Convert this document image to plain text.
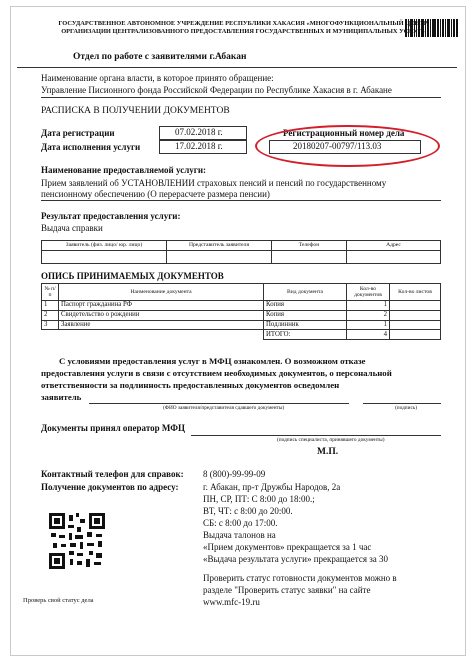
ГОСУДАРСТВЕННОЕ АВТОНОМНОЕ УЧРЕЖДЕНИЕ РЕСПУБЛИКИ ХАКАСИЯ «МНОГОФУНКЦИОНАЛЬНЫЙ ЦЕНТР
ОРГАНИЗАЦИИ ЦЕНТРАЛИЗОВАННОГО ПРЕДОСТАВЛЕНИЯ ГОСУДАРСТВЕННЫХ И МУНИЦИПАЛЬНЫХ УСЛУГ»
Отдел по работе с заявителями г.Абакан
Наименование органа власти, в которое принято обращение:
Управление Писионного фонда Российской Федерации по Республике Хакасия в г. Абакане
РАСПИСКА В ПОЛУЧЕНИИ ДОКУМЕНТОВ
Дата регистрации	07.02.2018 г.
Дата исполнения услуги	17.02.2018 г.
Регистрационный номер дела
20180207-00797/113.03
Наименование предоставляемой услуги:
Прием заявлений об УСТАНОВЛЕНИИ страховых пенсий и пенсий по государственному
пенсионному обеспечению (О перерасчете размера пенсии)
Результат предоставления услуги:
Выдача справки
Заявитель (физ. лицо/ юр. лицо)	Представитель заявителя	Телефон	Адрес

ОПИСЬ ПРИНИМАЕМЫХ ДОКУМЕНТОВ
№ п/п	Наименование документа	Вид документа	Кол-во документов	Кол-во листов
1	Паспорт гражданина РФ	Копия	1	
2	Свидетельство о рождении	Копия	2	
3	Заявление	Подлинник	1	
		ИТОГО:	4	
С условиями предоставления услуг в МФЦ ознакомлен. О возможном отказе
предоставления услуги в связи с отсутствием необходимых документов, о персональной
ответственности за подлинность предоставленных документов осведомлен
заявитель
(ФИО заявителя/представителя сдавшего документы)	(подпись)
Документы принял оператор МФЦ
(подпись специалиста, принявшего документы)
М.П.
Контактный телефон для справок: 8 (800)-99-99-09
Получение документов по адресу:	г. Абакан, пр-т Дружбы Народов, 2а
ПН, СР, ПТ: С 8:00 до 18:00.;
ВТ, ЧТ: с 8:00 до 20:00.
СБ: с 8:00 до 17:00.
Выдача талонов на
«Прием документов» прекращается за 1 час
«Выдача результата услуги» прекращается за 30
Проверить статус готовности документов можно в
разделе "Проверить статус заявки" на сайте
www.mfc-19.ru
Проверь свой статус дела
